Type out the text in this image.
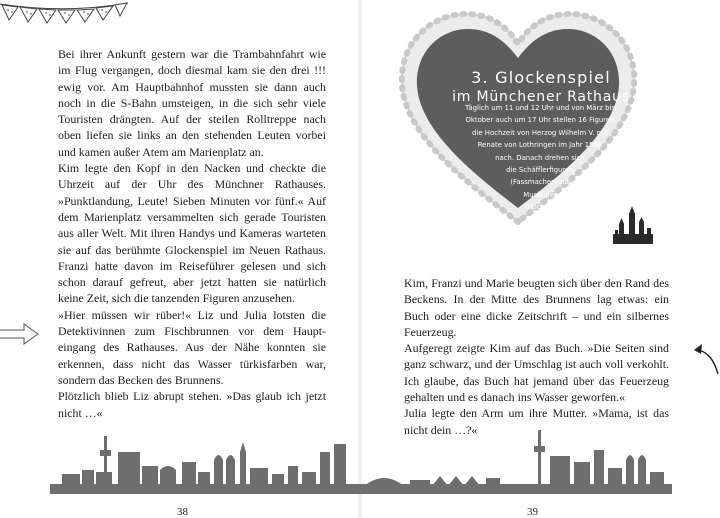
Bei ihrer Ankunft gestern war die Trambahnfahrt wie im Flug vergangen, doch diesmal kam sie den drei !!! ewig vor. Am Hauptbahnhof mussten sie dann auch noch in die S-Bahn umsteigen, in die sich sehr viele Touristen drängten. Auf der steilen Rolltreppe nach oben liefen sie links an den stehenden Leuten vorbei und kamen außer Atem am Marienplatz an.

Kim legte den Kopf in den Nacken und checkte die Uhrzeit auf der Uhr des Münchner Rathauses. »Punktlandung, Leute! Sieben Minuten vor fünf.« Auf dem Marienplatz versammelten sich gerade Touristen aus aller Welt. Mit ihren Handys und Kameras warteten sie auf das berühmte Glockenspiel im Neuen Rathaus. Franzi hatte davon im Reiseführer gelesen und sich schon darauf gefreut, aber jetzt hatten sie natürlich keine Zeit, sich die tanzenden Figuren anzusehen.

»Hier müssen wir rüber!« Liz und Julia lotsten die Detektivinnen zum Fischbrunnen vor dem Haupteingang des Rathauses. Aus der Nähe konnten sie erkennen, dass nicht das Wasser türkisfarben war, sondern das Becken des Brunnens.

Plötzlich blieb Liz abrupt stehen. »Das glaub ich jetzt nicht …«

3. Glockenspiel
im Münchener Rathaus
Täglich um 11 und 12 Uhr und von März bis
Oktober auch um 17 Uhr stellen 16 Figuren
die Hochzeit von Herzog Wilhelm V. mit
Renate von Lothringen im Jahr 1568
nach. Danach drehen sich
die Schäfflerfiguren
(Fassmacher) zur
Musik der
Glocken.

Kim, Franzi und Marie beugten sich über den Rand des Beckens. In der Mitte des Brunnens lag etwas: ein Buch oder eine dicke Zeitschrift – und ein silbernes Feuerzeug.

Aufgeregt zeigte Kim auf das Buch. »Die Seiten sind ganz schwarz, und der Umschlag ist auch voll verkohlt. Ich glaube, das Buch hat jemand über das Feuerzeug gehalten und es danach ins Wasser geworfen.«

Julia legte den Arm um ihre Mutter. »Mama, ist das nicht dein …?«

38	39
